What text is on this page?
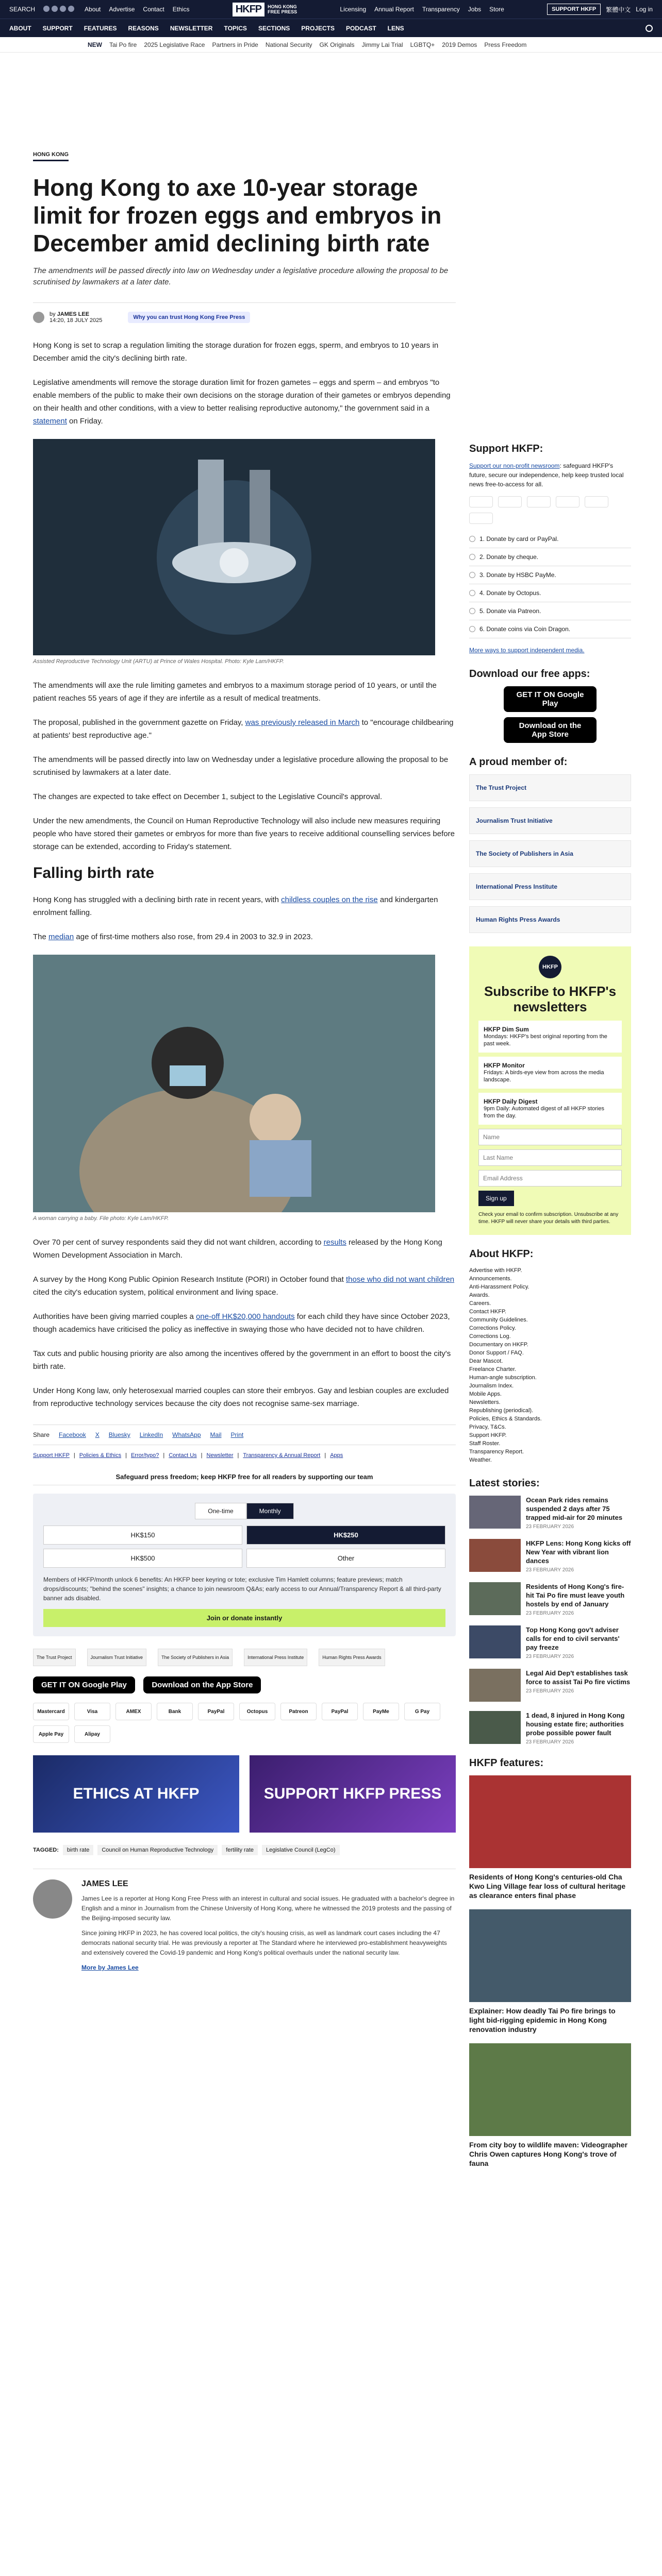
SEARCH	About Advertise Contact Ethics	HKFP	HONG KONG
FREE PRESS	Licensing Annual Report Transparency Jobs Store	SUPPORT HKFP	繁體中文 Log in
ABOUT SUPPORT FEATURES REASONS NEWSLETTER TOPICS SECTIONS PROJECTS PODCAST LENS
NEW Tai Po fire 2025 Legislative Race Partners in Pride National Security GK Originals Jimmy Lai Trial LGBTQ+ 2019 Demos Press Freedom
HONG KONG
Hong Kong to axe 10-year storage limit for frozen eggs and embryos in December amid declining birth rate

The amendments will be passed directly into law on Wednesday under a legislative procedure allowing the proposal to be scrutinised by lawmakers at a later date.

by JAMES LEE
14:20, 18 JULY 2025	Why you can trust Hong Kong Free Press

Hong Kong is set to scrap a regulation limiting the storage duration for frozen eggs, sperm, and embryos to 10 years in December amid the city's declining birth rate.

Legislative amendments will remove the storage duration limit for frozen gametes – eggs and sperm – and embryos "to enable members of the public to make their own decisions on the storage duration of their gametes or embryos depending on their health and other conditions, with a view to better realising reproductive autonomy," the government said in a statement on Friday.

Assisted Reproductive Technology Unit (ARTU) at Prince of Wales Hospital. Photo: Kyle Lam/HKFP.

The amendments will axe the rule limiting gametes and embryos to a maximum storage period of 10 years, or until the patient reaches 55 years of age if they are infertile as a result of medical treatments.

The proposal, published in the government gazette on Friday, was previously released in March to "encourage childbearing at patients' best reproductive age."

The amendments will be passed directly into law on Wednesday under a legislative procedure allowing the proposal to be scrutinised by lawmakers at a later date.

The changes are expected to take effect on December 1, subject to the Legislative Council's approval.

Under the new amendments, the Council on Human Reproductive Technology will also include new measures requiring people who have stored their gametes or embryos for more than five years to receive additional counselling services before storage can be extended, according to Friday's statement.

Falling birth rate

Hong Kong has struggled with a declining birth rate in recent years, with childless couples on the rise and kindergarten enrolment falling.

The median age of first-time mothers also rose, from 29.4 in 2003 to 32.9 in 2023.

A woman carrying a baby. File photo: Kyle Lam/HKFP.

Over 70 per cent of survey respondents said they did not want children, according to results released by the Hong Kong Women Development Association in March.

A survey by the Hong Kong Public Opinion Research Institute (PORI) in October found that those who did not want children cited the city's education system, political environment and living space.

Authorities have been giving married couples a one-off HK$20,000 handouts for each child they have since October 2023, though academics have criticised the policy as ineffective in swaying those who have decided not to have children.

Tax cuts and public housing priority are also among the incentives offered by the government in an effort to boost the city's birth rate.

Under Hong Kong law, only heterosexual married couples can store their embryos. Gay and lesbian couples are excluded from reproductive technology services because the city does not recognise same-sex marriage.

Share Facebook X Bluesky LinkedIn WhatsApp Mail Print
Support HKFP | Policies & Ethics | Error/typo? | Contact Us | Newsletter | Transparency & Annual Report | Apps
Safeguard press freedom; keep HKFP free for all readers by supporting our team
One-time	Monthly
HK$150	HK$250
HK$500	Other
Members of HKFP/month unlock 6 benefits: An HKFP beer keyring or tote; exclusive Tim Hamlett columns; feature previews; match drops/discounts; "behind the scenes" insights; a chance to join newsroom Q&As; early access to our Annual/Transparency Report & all third-party banner ads disabled.
Join or donate instantly
The Trust Project	Journalism Trust Initiative	The Society of Publishers in Asia	International Press Institute	Human Rights Press Awards
GET IT ON Google Play	Download on the App Store
Mastercard	Visa	AMEX	Bank	PayPal	Octopus	Patreon	PayPal	PayMe	G Pay
Apple Pay	Alipay
ETHICS AT HKFP	SUPPORT HKFP PRESS
TAGGED:	birth rate	Council on Human Reproductive Technology	fertility rate	Legislative Council (LegCo)
JAMES LEE

James Lee is a reporter at Hong Kong Free Press with an interest in cultural and social issues. He graduated with a bachelor's degree in English and a minor in Journalism from the Chinese University of Hong Kong, where he witnessed the 2019 protests and the passing of the Beijing-imposed security law.

Since joining HKFP in 2023, he has covered local politics, the city's housing crisis, as well as landmark court cases including the 47 democrats national security trial. He was previously a reporter at The Standard where he interviewed pro-establishment heavyweights and extensively covered the Covid-19 pandemic and Hong Kong's political overhauls under the national security law.

More by James Lee
Support HKFP:
Support our non-profit newsroom: safeguard HKFP's future, secure our independence, help keep trusted local news free-to-access for all.
1. Donate by card or PayPal.
2. Donate by cheque.
3. Donate by HSBC PayMe.
4. Donate by Octopus.
5. Donate via Patreon.
6. Donate coins via Coin Dragon.
More ways to support independent media.
Download our free apps:
GET IT ON Google Play
Download on the App Store
A proud member of:
The Trust Project
Journalism Trust Initiative
The Society of Publishers in Asia
International Press Institute
Human Rights Press Awards
HKFP
Subscribe to HKFP's newsletters
HKFP Dim Sum
Mondays: HKFP's best original reporting from the past week.
HKFP Monitor
Fridays: A birds-eye view from across the media landscape.
HKFP Daily Digest
9pm Daily: Automated digest of all HKFP stories from the day.
Name
Last Name
Email Address
Sign up
Check your email to confirm subscription. Unsubscribe at any time. HKFP will never share your details with third parties.
About HKFP:
Advertise with HKFP.
Announcements.
Anti-Harassment Policy.
Awards.
Careers.
Contact HKFP.
Community Guidelines.
Corrections Policy.
Corrections Log.
Documentary on HKFP.
Donor Support / FAQ.
Dear Mascot.
Freelance Charter.
Human-angle subscription.
Journalism Index.
Mobile Apps.
Newsletters.
Republishing (periodical).
Policies, Ethics & Standards.
Privacy, T&Cs.
Support HKFP.
Staff Roster.
Transparency Report.
Weather.
Latest stories:
Ocean Park rides remains suspended 2 days after 75 trapped mid-air for 20 minutes
23 FEBRUARY 2026
HKFP Lens: Hong Kong kicks off New Year with vibrant lion dances
23 FEBRUARY 2026
Residents of Hong Kong's fire-hit Tai Po fire must leave youth hostels by end of January
23 FEBRUARY 2026
Top Hong Kong gov't adviser calls for end to civil servants' pay freeze
23 FEBRUARY 2026
Legal Aid Dep't establishes task force to assist Tai Po fire victims
23 FEBRUARY 2026
1 dead, 8 injured in Hong Kong housing estate fire; authorities probe possible power fault
23 FEBRUARY 2026
HKFP features:
Residents of Hong Kong's centuries-old Cha Kwo Ling Village fear loss of cultural heritage as clearance enters final phase
Explainer: How deadly Tai Po fire brings to light bid-rigging epidemic in Hong Kong renovation industry
From city boy to wildlife maven: Videographer Chris Owen captures Hong Kong's trove of fauna
